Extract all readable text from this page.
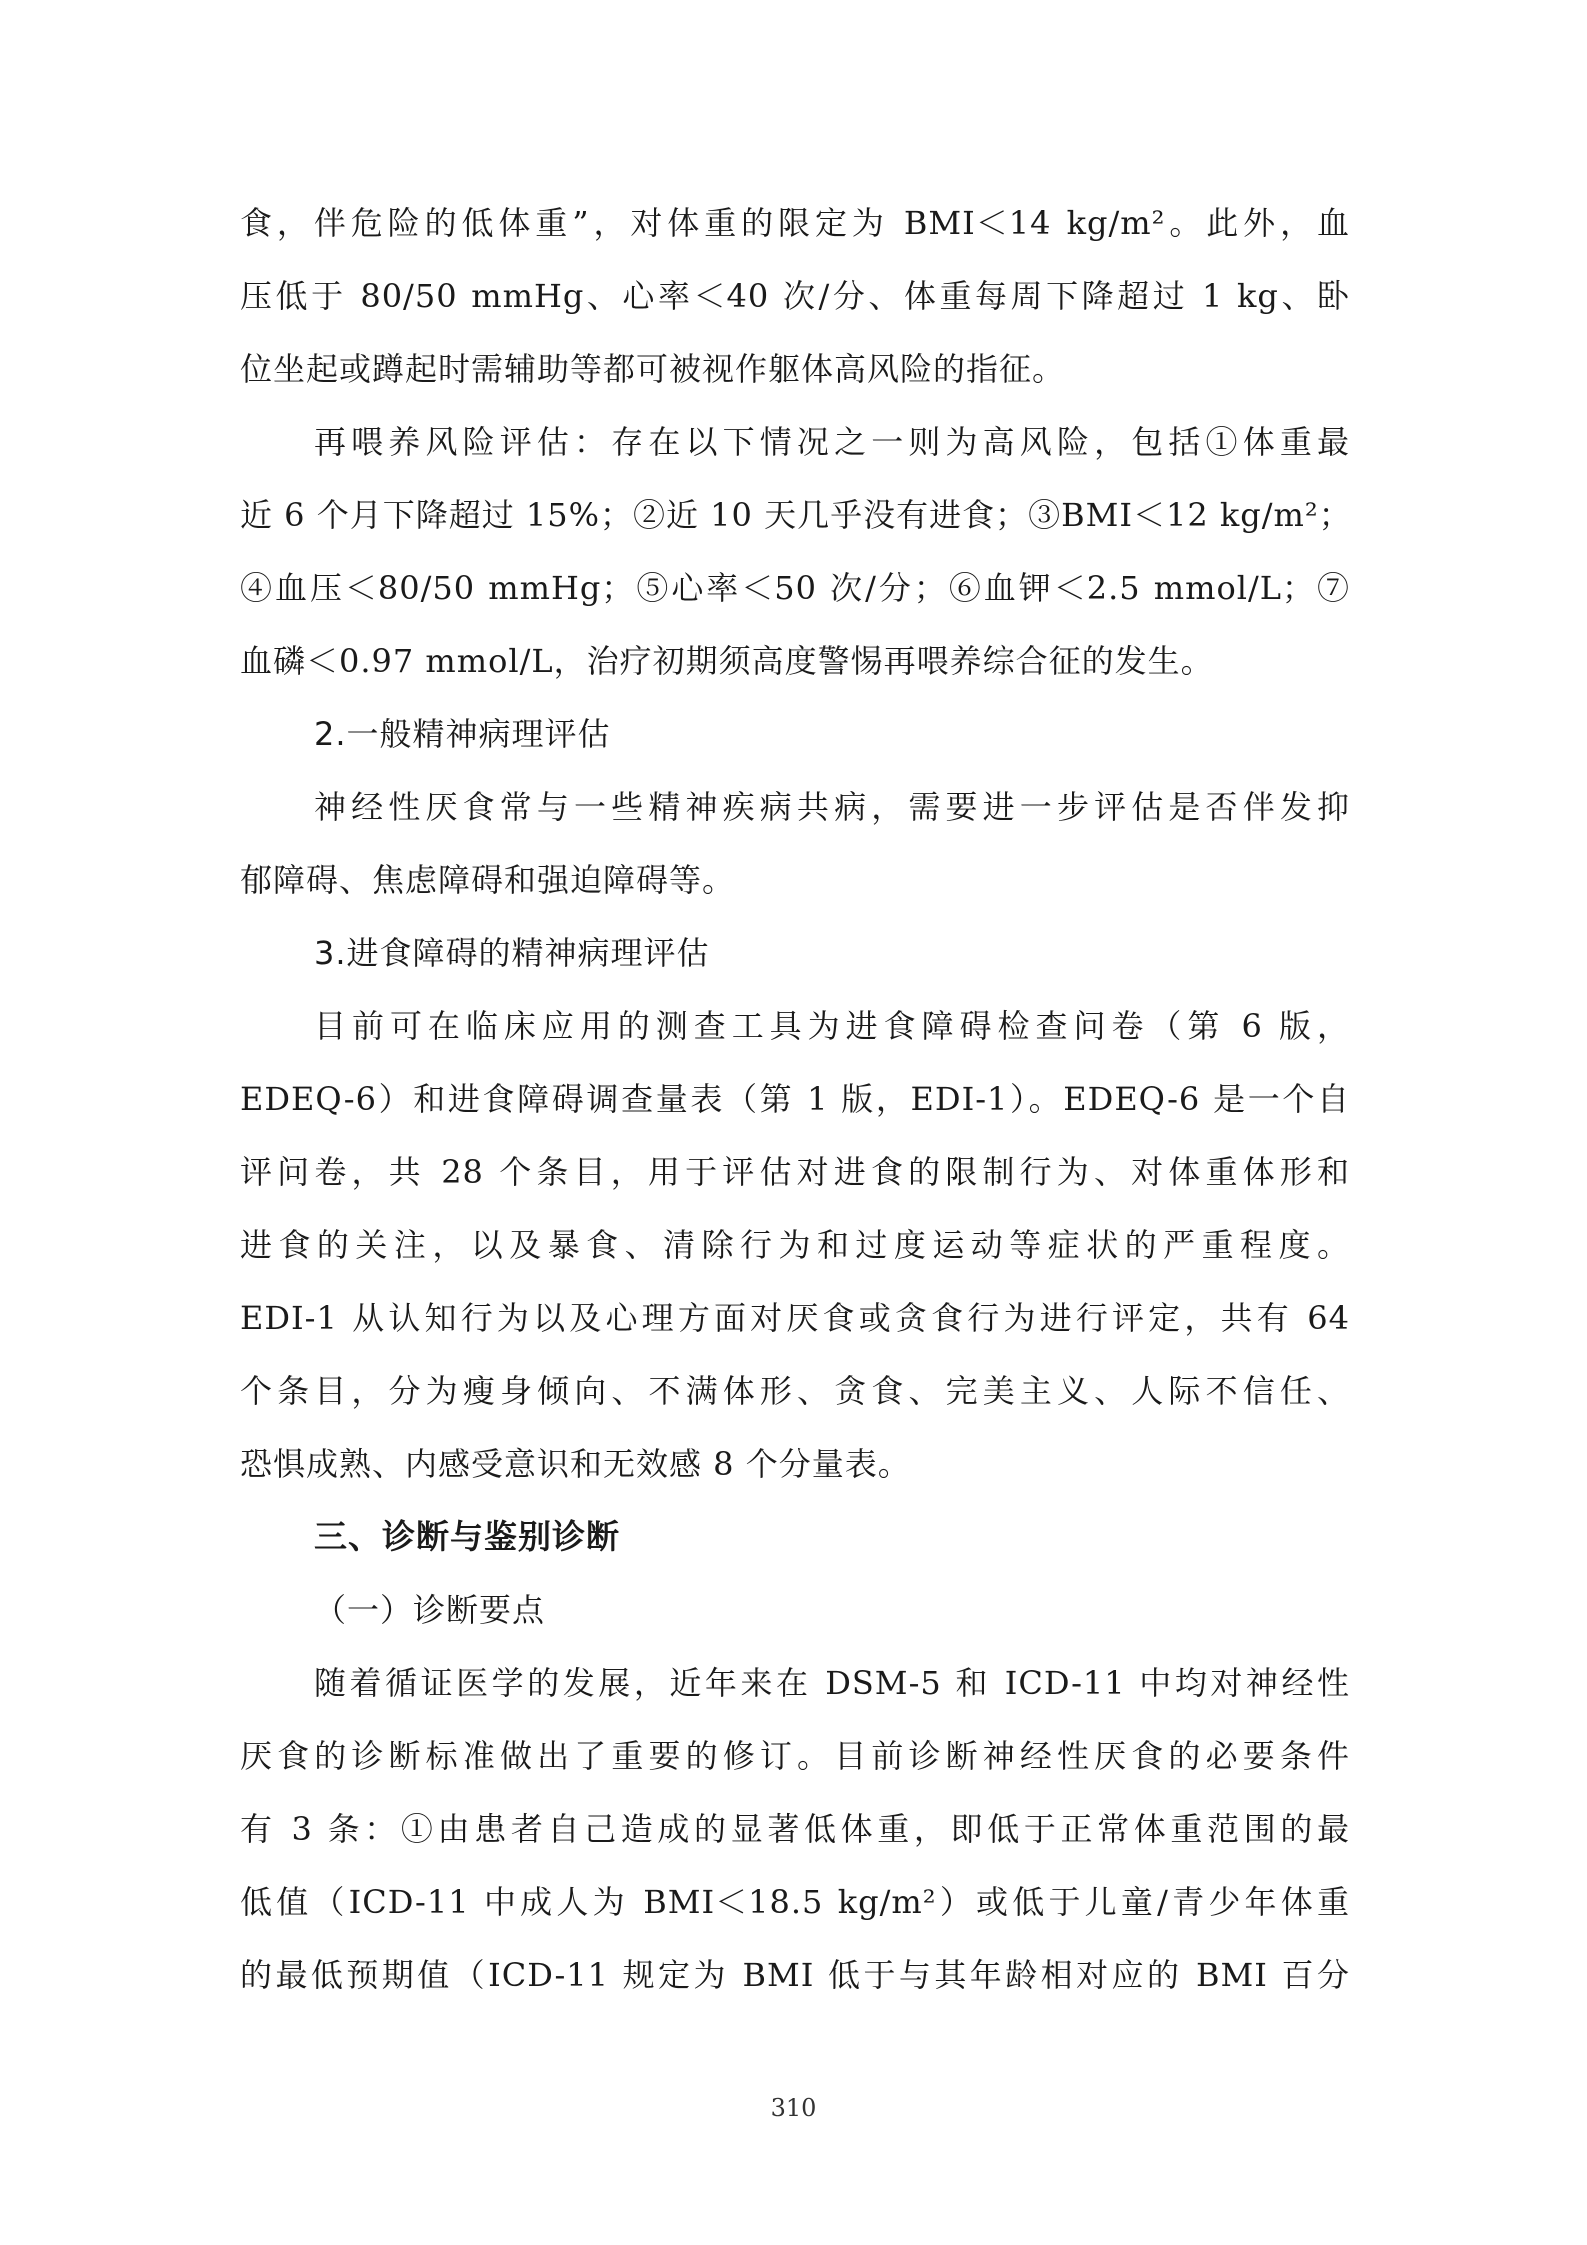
食，伴危险的低体重”，对体重的限定为 BMI＜14 kg/m²。此外，血
压低于 80/50 mmHg、心率＜40 次/分、体重每周下降超过 1 kg、卧
位坐起或蹲起时需辅助等都可被视作躯体高风险的指征。
再喂养风险评估：存在以下情况之一则为高风险，包括①体重最
近 6 个月下降超过 15%；②近 10 天几乎没有进食；③BMI＜12 kg/m²；
④血压＜80/50 mmHg；⑤心率＜50 次/分；⑥血钾＜2.5 mmol/L；⑦
血磷＜0.97 mmol/L，治疗初期须高度警惕再喂养综合征的发生。
2.一般精神病理评估
神经性厌食常与一些精神疾病共病，需要进一步评估是否伴发抑
郁障碍、焦虑障碍和强迫障碍等。
3.进食障碍的精神病理评估
目前可在临床应用的测查工具为进食障碍检查问卷（第 6 版，
EDEQ-6）和进食障碍调查量表（第 1 版，EDI-1）。EDEQ-6 是一个自
评问卷，共 28 个条目，用于评估对进食的限制行为、对体重体形和
进食的关注，以及暴食、清除行为和过度运动等症状的严重程度。
EDI-1 从认知行为以及心理方面对厌食或贪食行为进行评定，共有 64
个条目，分为瘦身倾向、不满体形、贪食、完美主义、人际不信任、
恐惧成熟、内感受意识和无效感 8 个分量表。
三、诊断与鉴别诊断
（一）诊断要点
随着循证医学的发展，近年来在 DSM-5 和 ICD-11 中均对神经性
厌食的诊断标准做出了重要的修订。目前诊断神经性厌食的必要条件
有 3 条：①由患者自己造成的显著低体重，即低于正常体重范围的最
低值（ICD-11 中成人为 BMI＜18.5 kg/m²）或低于儿童/青少年体重
的最低预期值（ICD-11 规定为 BMI 低于与其年龄相对应的 BMI 百分
310
